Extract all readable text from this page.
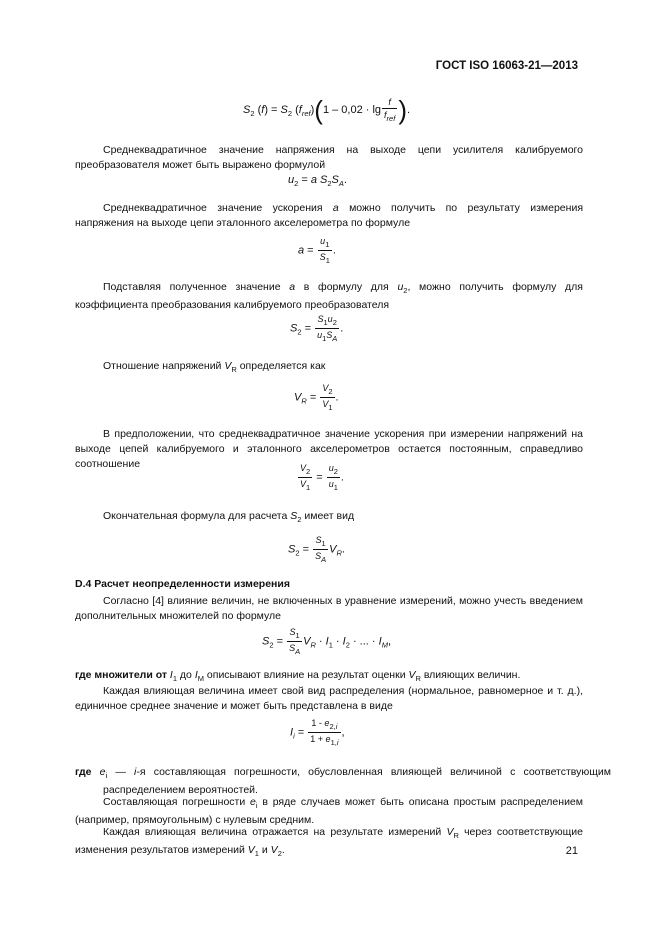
ГОСТ ISO 16063-21—2013
$S_2$ $(f) = S_2$ $(f_{ref})(1 - 0,02 \cdot \lg \frac{f}{f_{ref}}$ ).
Среднеквадратичное значение напряжения на выходе цепи усилителя калибруемого преобразователя может быть выражено формулой
$u_2 = a$ $S_2S_A$.
Среднеквадратичное значение ускорения a можно получить по результату измерения напряжения на выходе цепи эталонного акселерометра по формуле
$a = \frac{u_1}{S_1}$ .
Подставляя полученное значение a в формулу для $u_2$, можно получить формулу для коэффициента преобразования калибруемого преобразователя
$S_2 = \frac{S_1u_2}{u_1S_A}$ .
Отношение напряжений $V_R$ определяется как
$V_R = \frac{V_2}{V_1}$ .
В предположении, что среднеквадратичное значение ускорения при измерении напряжений на выходе цепей калибруемого и эталонного акселерометров остается постоянным, справедливо соотношение	$\frac{V_2}{V_1} = \frac{u_2}{u_1}$ .
Окончательная формула для расчета $S_2$ имеет вид
$S_2 = \frac{S_1}{S_A} V_R$.
D.4 Расчет неопределенности измерения
Согласно [4] влияние величин, не включенных в уравнение измерений, можно учесть введением дополнительных множителей по формуле
$S_2 = \frac{S_1}{S_A} V_R \cdot I_1 \cdot I_2$ · ... · $I_M$,
где множители от $I_1$ до $I_M$ описывают влияние на результат оценки $V_R$ влияющих величин.
Каждая влияющая величина имеет свой вид распределения (нормальное, равномерное и т. д.), единичное среднее значение и может быть представлена в виде
$I_i = \frac{1 - e_{2,i}}{1 + e_{1,i}}$ ,
где $e_i$ — i-я составляющая погрешности, обусловленная влияющей величиной с соответствующим распределением вероятностей.
Составляющая погрешности $e_i$ в ряде случаев может быть описана простым распределением (например, прямоугольным) с нулевым средним.
Каждая влияющая величина отражается на результате измерений $V_R$ через соответствующие изменения результатов измерений $V_1$ и $V_2$.	21
